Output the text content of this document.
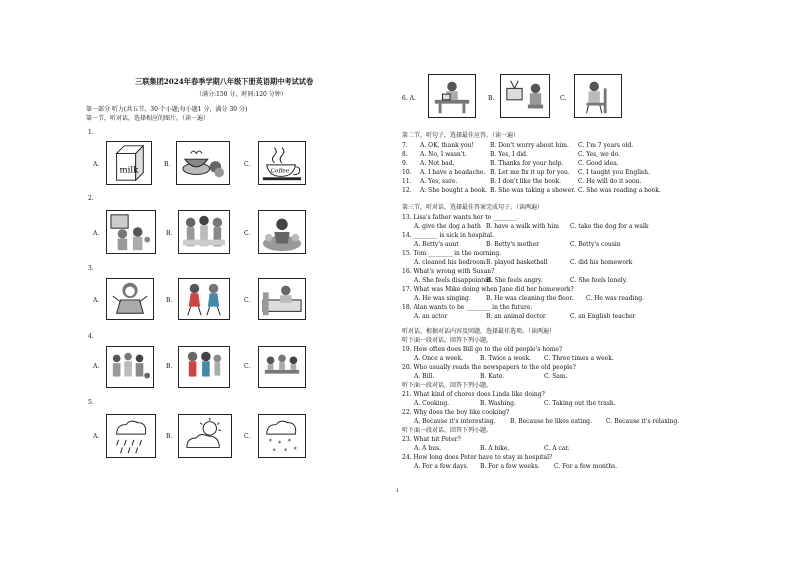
三联集团2024年春季学期八年级下册英语期中考试试卷
（满分:150 分，时间:120 分钟）
第一部分 听力(共五节，30 个小题;每小题1 分，满分 30 分)
第一节，听对话，选择相应的图片。（读一遍）
1.
A.
milk
B.	C.
Coffee
2.
A.	B.	C.
3.
A.	B.	C.
4.
A.	B.	C.
5.
A.	B.	C.
* * *
* * *
6. A.	B.	C.
第二节，听句子，选择最佳应答。（读一遍）
7. A. OK, thank you!	B. Don't worry about him. C. I'm 7 years old.
8. A. No, I wasn't.	B. Yes, I did.	C. Yes, we do.
9. A. Not bad.	B. Thanks for your help. C. Good idea.
10. A. I have a headache. B. Let me fix it up for you. C. I taught you English.
11. A. Yes, sure.	B. I don't like the book.	C. He will do it soon.
12. A. She bought a book. B. She was taking a shower. C. She was reading a book.
第三节，听对话，选择最佳答案完成句子。（读两遍）
13. Lisa's father wants her to ________.
A. give the dog a bath B. have a walk with him C. take the dog for a walk
14. ________ is sick in hospital.
A. Betty's aunt	B. Betty's mother	C. Betty's cousin
15. Tom ________ in the morning.
A. cleaned his bedroom B. played basketball	C. did his homework
16. What's wrong with Susan?
A. She feels disappointed.
B. She feels angry.	C. She feels lonely.
17. What was Mike doing when Jane did her homework?
A. He was singing.	B. He was cleaning the floor. C. He was reading.
18. Alan wants to be ________ in the future.
A. an actor	B. an animal doctor	C. an English teacher
听对话，根据对话内容及问题，选择最佳选项。（读两遍）
听下面一段对话，回答下列小题。
19. How often does Bill go to the old people's home?
A. Once a week.	B. Twice a week. C. Three times a week.
20. Who usually reads the newspapers to the old people?
A. Bill.	B. Kate.	C. Sam.
听下面一段对话，回答下列小题。
21. What kind of chores does Linda like doing?
A. Cooking.	B. Washing.	C. Taking out the trash.
22. Why does the boy like cooking?
A. Because it's interesting. B. Because he likes eating. C. Because it's relaxing.
听下面一段对话，回答下列小题。
23. What hit Peter?
A. A bus.	B. A bike.	C. A car.
24. How long does Peter have to stay in hospital?
A. For a few days. B. For a few weeks. C. For a few months.
1
